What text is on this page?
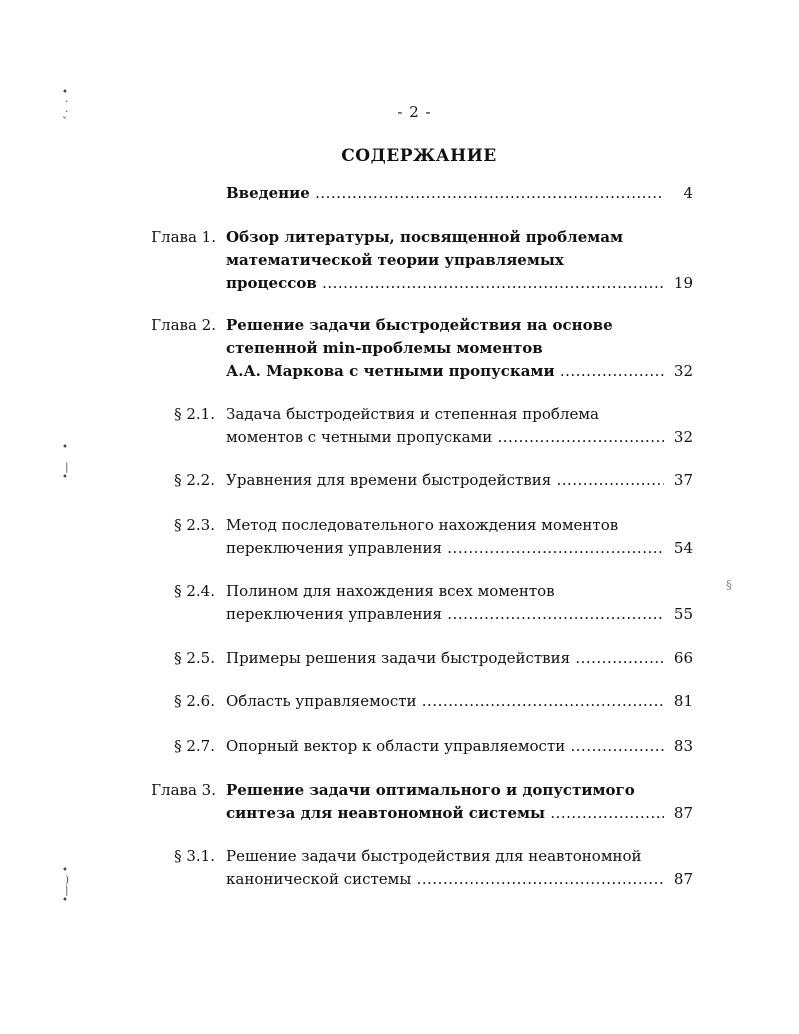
- 2 -
СОДЕРЖАНИЕ
Введение .....	4
Глава 1. Обзор литературы, посвященной проблемам
математической теории управляемых
процессов .....	19
Глава 2. Решение задачи быстродействия на основе
степенной min-проблемы моментов
А.А. Маркова с четными пропусками .....	32
§ 2.1. Задача быстродействия и степенная проблема
моментов с четными пропусками .....	32
§ 2.2. Уравнения для времени быстродействия .....	37
§ 2.3. Метод последовательного нахождения моментов
переключения управления .....	54
§ 2.4. Полином для нахождения всех моментов
переключения управления .....	55
§ 2.5. Примеры решения задачи быстродействия .....	66
§ 2.6. Область управляемости .....	81
§ 2.7. Опорный вектор к области управляемости .....	83
Глава 3. Решение задачи оптимального и допустимого
синтеза для неавтономной системы .....	87
§ 3.1. Решение задачи быстродействия для неавтономной
канонической системы .....	87
•
·
·
ˇ
•

|
•
•
)
|
•
§
